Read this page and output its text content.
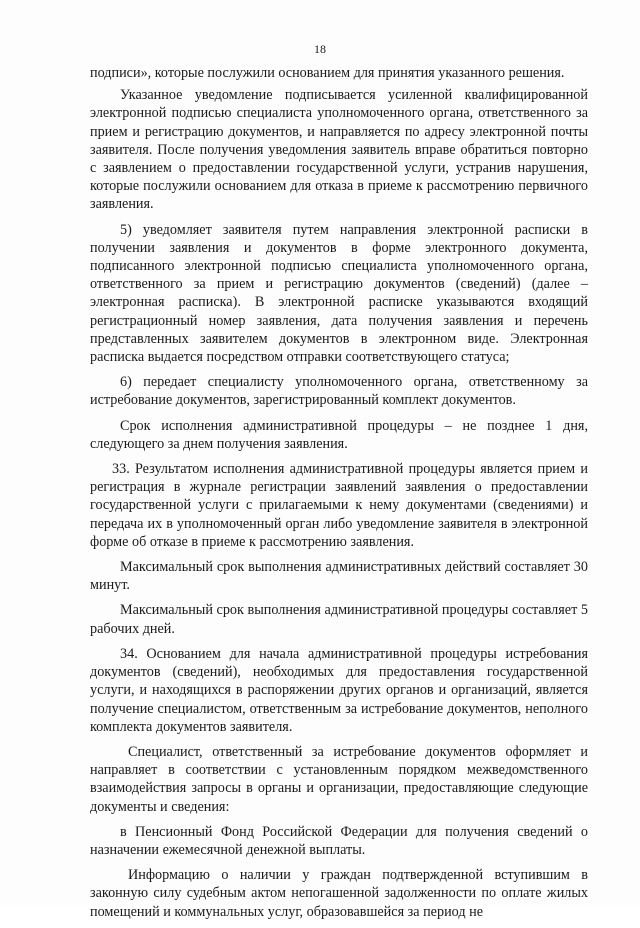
18

подписи», которые послужили основанием для принятия указанного решения.

Указанное уведомление подписывается усиленной квалифицированной электронной подписью специалиста уполномоченного органа, ответственного за прием и регистрацию документов, и направляется по адресу электронной почты заявителя. После получения уведомления заявитель вправе обратиться повторно с заявлением о предоставлении государственной услуги, устранив нарушения, которые послужили основанием для отказа в приеме к рассмотрению первичного заявления.

5) уведомляет заявителя путем направления электронной расписки в получении заявления и документов в форме электронного документа, подписанного электронной подписью специалиста уполномоченного органа, ответственного за прием и регистрацию документов (сведений) (далее – электронная расписка). В электронной расписке указываются входящий регистрационный номер заявления, дата получения заявления и перечень представленных заявителем документов в электронном виде. Электронная расписка выдается посредством отправки соответствующего статуса;

6) передает специалисту уполномоченного органа, ответственному за истребование документов, зарегистрированный комплект документов.

Срок исполнения административной процедуры – не позднее 1 дня, следующего за днем получения заявления.

33. Результатом исполнения административной процедуры является прием и регистрация в журнале регистрации заявлений заявления о предоставлении государственной услуги с прилагаемыми к нему документами (сведениями) и передача их в уполномоченный орган либо уведомление заявителя в электронной форме об отказе в приеме к рассмотрению заявления.

Максимальный срок выполнения административных действий составляет 30 минут.

Максимальный срок выполнения административной процедуры составляет 5 рабочих дней.

34. Основанием для начала административной процедуры истребования документов (сведений), необходимых для предоставления государственной услуги, и находящихся в распоряжении других органов и организаций, является получение специалистом, ответственным за истребование документов, неполного комплекта документов заявителя.

Специалист, ответственный за истребование документов оформляет и направляет в соответствии с установленным порядком межведомственного взаимодействия запросы в органы и организации, предоставляющие следующие документы и сведения:

в Пенсионный Фонд Российской Федерации для получения сведений о назначении ежемесячной денежной выплаты.

Информацию о наличии у граждан подтвержденной вступившим в законную силу судебным актом непогашенной задолженности по оплате жилых помещений и коммунальных услуг, образовавшейся за период не
